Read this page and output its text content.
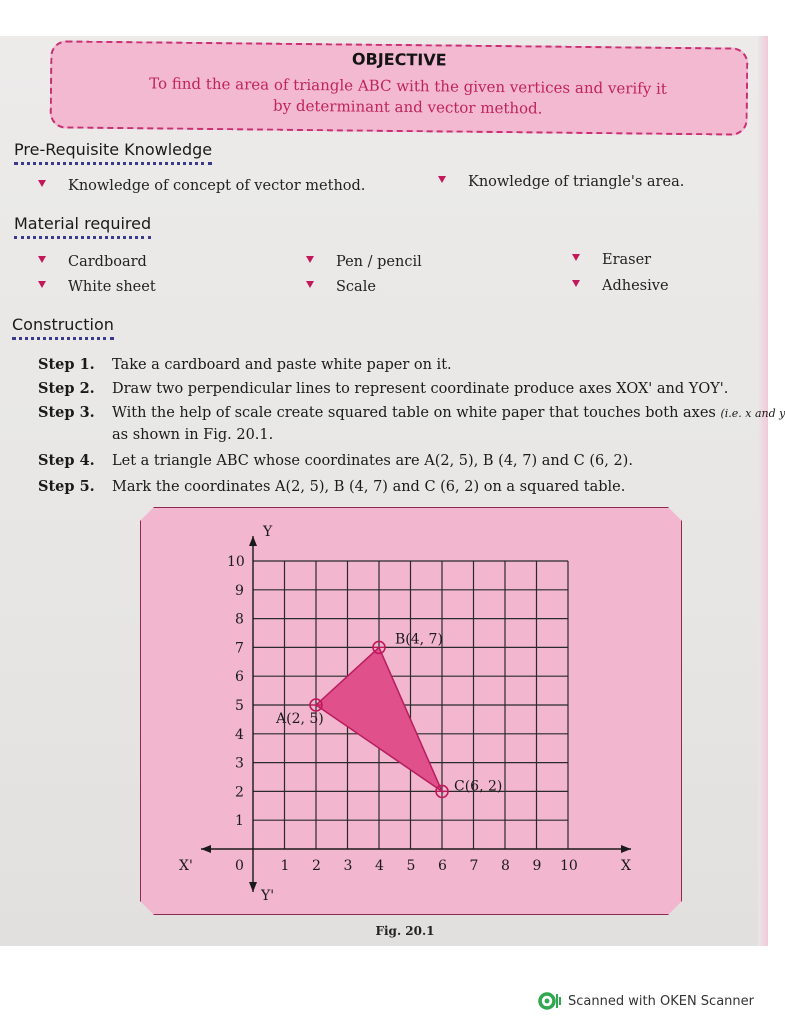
OBJECTIVE
To find the area of triangle ABC with the given vertices and verify it by determinant and vector method.
Pre-Requisite Knowledge
Knowledge of concept of vector method.	Knowledge of triangle's area.
Material required
Cardboard	Pen / pencil	Eraser
White sheet	Scale	Adhesive
Construction
Step 1. Take a cardboard and paste white paper on it.
Step 2. Draw two perpendicular lines to represent coordinate produce axes XOX' and YOY'.
Step 3. With the help of scale create squared table on white paper that touches both axes (i.e. x and y
as shown in Fig. 20.1.
Step 4. Let a triangle ABC whose coordinates are A(2, 5), B (4, 7) and C (6, 2).
Step 5. Mark the coordinates A(2, 5), B (4, 7) and C (6, 2) on a squared table.
Y
Y'
X
X'	0	1 2 3 4 5 6 7 8 9 10
1
2
3
4
5
6
7
8
9
10
A(2, 5)
B(4, 7)
C(6, 2)
Fig. 20.1
Scanned with OKEN Scanner
